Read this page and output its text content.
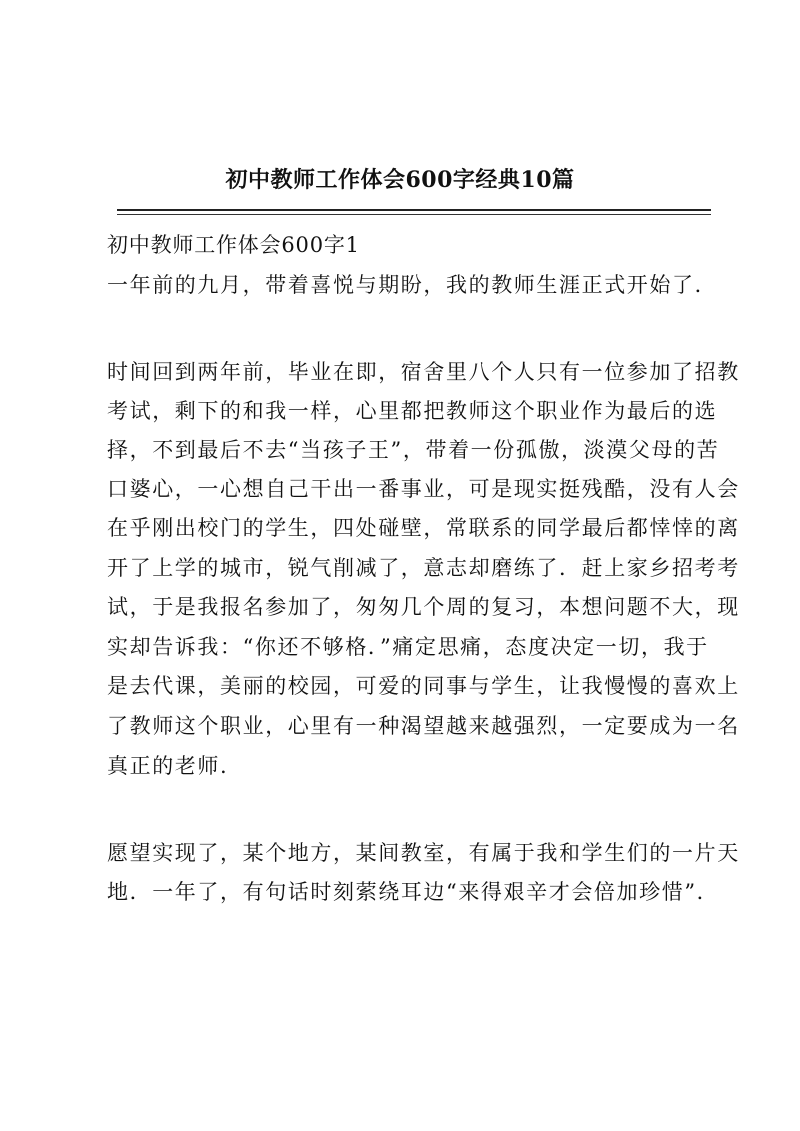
初中教师工作体会600字经典10篇
初中教师工作体会600字1
一年前的九月，带着喜悦与期盼，我的教师生涯正式开始了．
时间回到两年前，毕业在即，宿舍里八个人只有一位参加了招教
考试，剩下的和我一样，心里都把教师这个职业作为最后的选
择，不到最后不去“当孩子王”，带着一份孤傲，淡漠父母的苦
口婆心，一心想自己干出一番事业，可是现实挺残酷，没有人会
在乎刚出校门的学生，四处碰壁，常联系的同学最后都悻悻的离
开了上学的城市，锐气削减了，意志却磨练了．赶上家乡招考考
试，于是我报名参加了，匆匆几个周的复习，本想问题不大，现
实却告诉我：“你还不够格．”痛定思痛，态度决定一切，我于
是去代课，美丽的校园，可爱的同事与学生，让我慢慢的喜欢上
了教师这个职业，心里有一种渴望越来越强烈，一定要成为一名
真正的老师.
愿望实现了，某个地方，某间教室，有属于我和学生们的一片天
地．一年了，有句话时刻萦绕耳边“来得艰辛才会倍加珍惜”．
